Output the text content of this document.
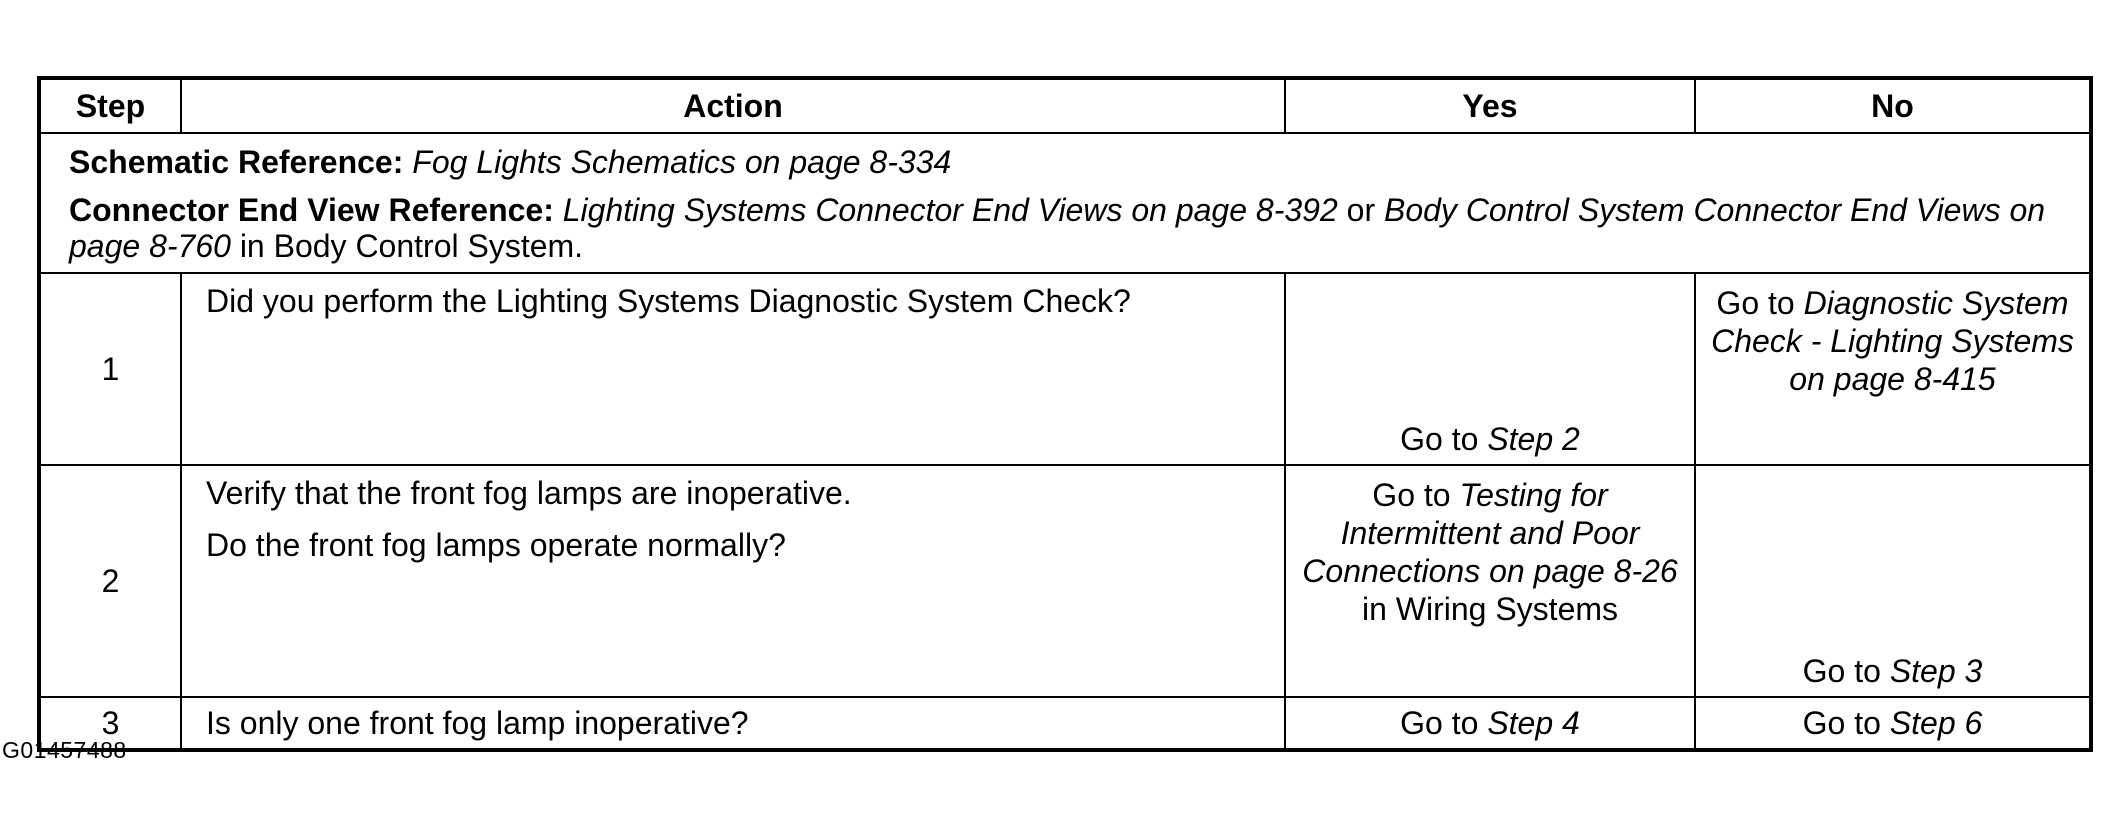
Step	Action	Yes	No

Schematic Reference: Fog Lights Schematics on page 8-334
Connector End View Reference: Lighting Systems Connector End Views on page 8-392 or Body Control System Connector End Views on page 8-760 in Body Control System.			

1	Did you perform the Lighting Systems Diagnostic System Check?	Go to Step 2	Go to Diagnostic System Check - Lighting Systems on page 8-415
2	Verify that the front fog lamps are inoperative.
Do the front fog lamps operate normally?	Go to Testing for Intermittent and Poor Connections on page 8-26 in Wiring Systems	Go to Step 3
3	Is only one front fog lamp inoperative?	Go to Step 4	Go to Step 6
G01457488
